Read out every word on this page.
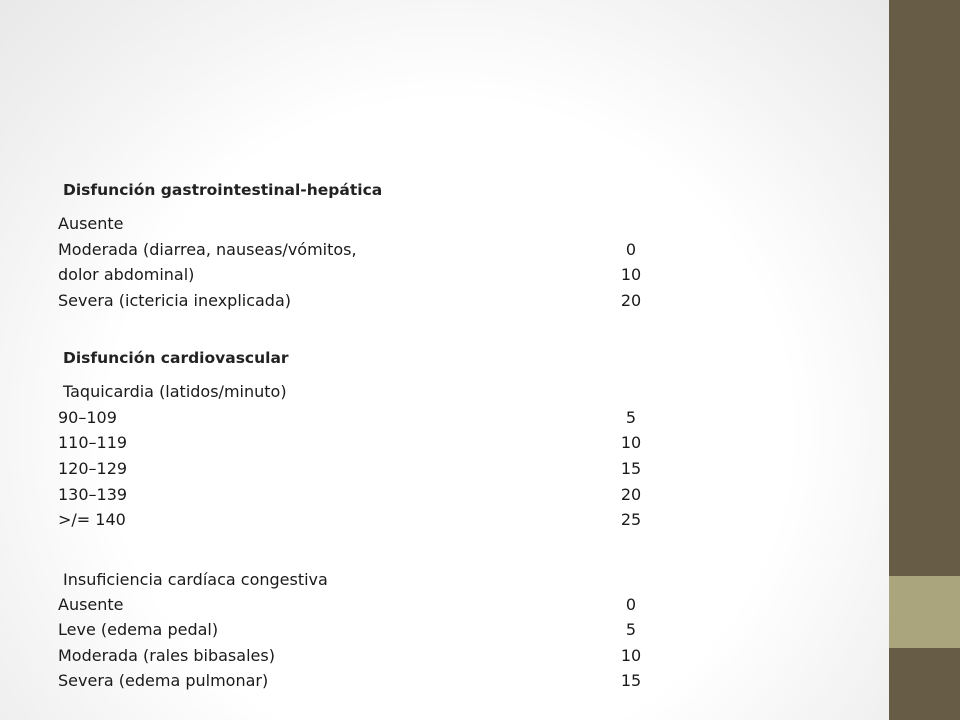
Disfunción gastrointestinal-hepática
Ausente
Moderada (diarrea, nauseas/vómitos,
dolor abdominal)
Severa (ictericia inexplicada)
0
10
20
Disfunción cardiovascular
Taquicardia (latidos/minuto)
90–109
110–119
120–129
130–139
>/= 140
5
10
15
20
25
Insuficiencia cardíaca congestiva
Ausente
Leve (edema pedal)
Moderada (rales bibasales)
Severa (edema pulmonar)
0
5
10
15
